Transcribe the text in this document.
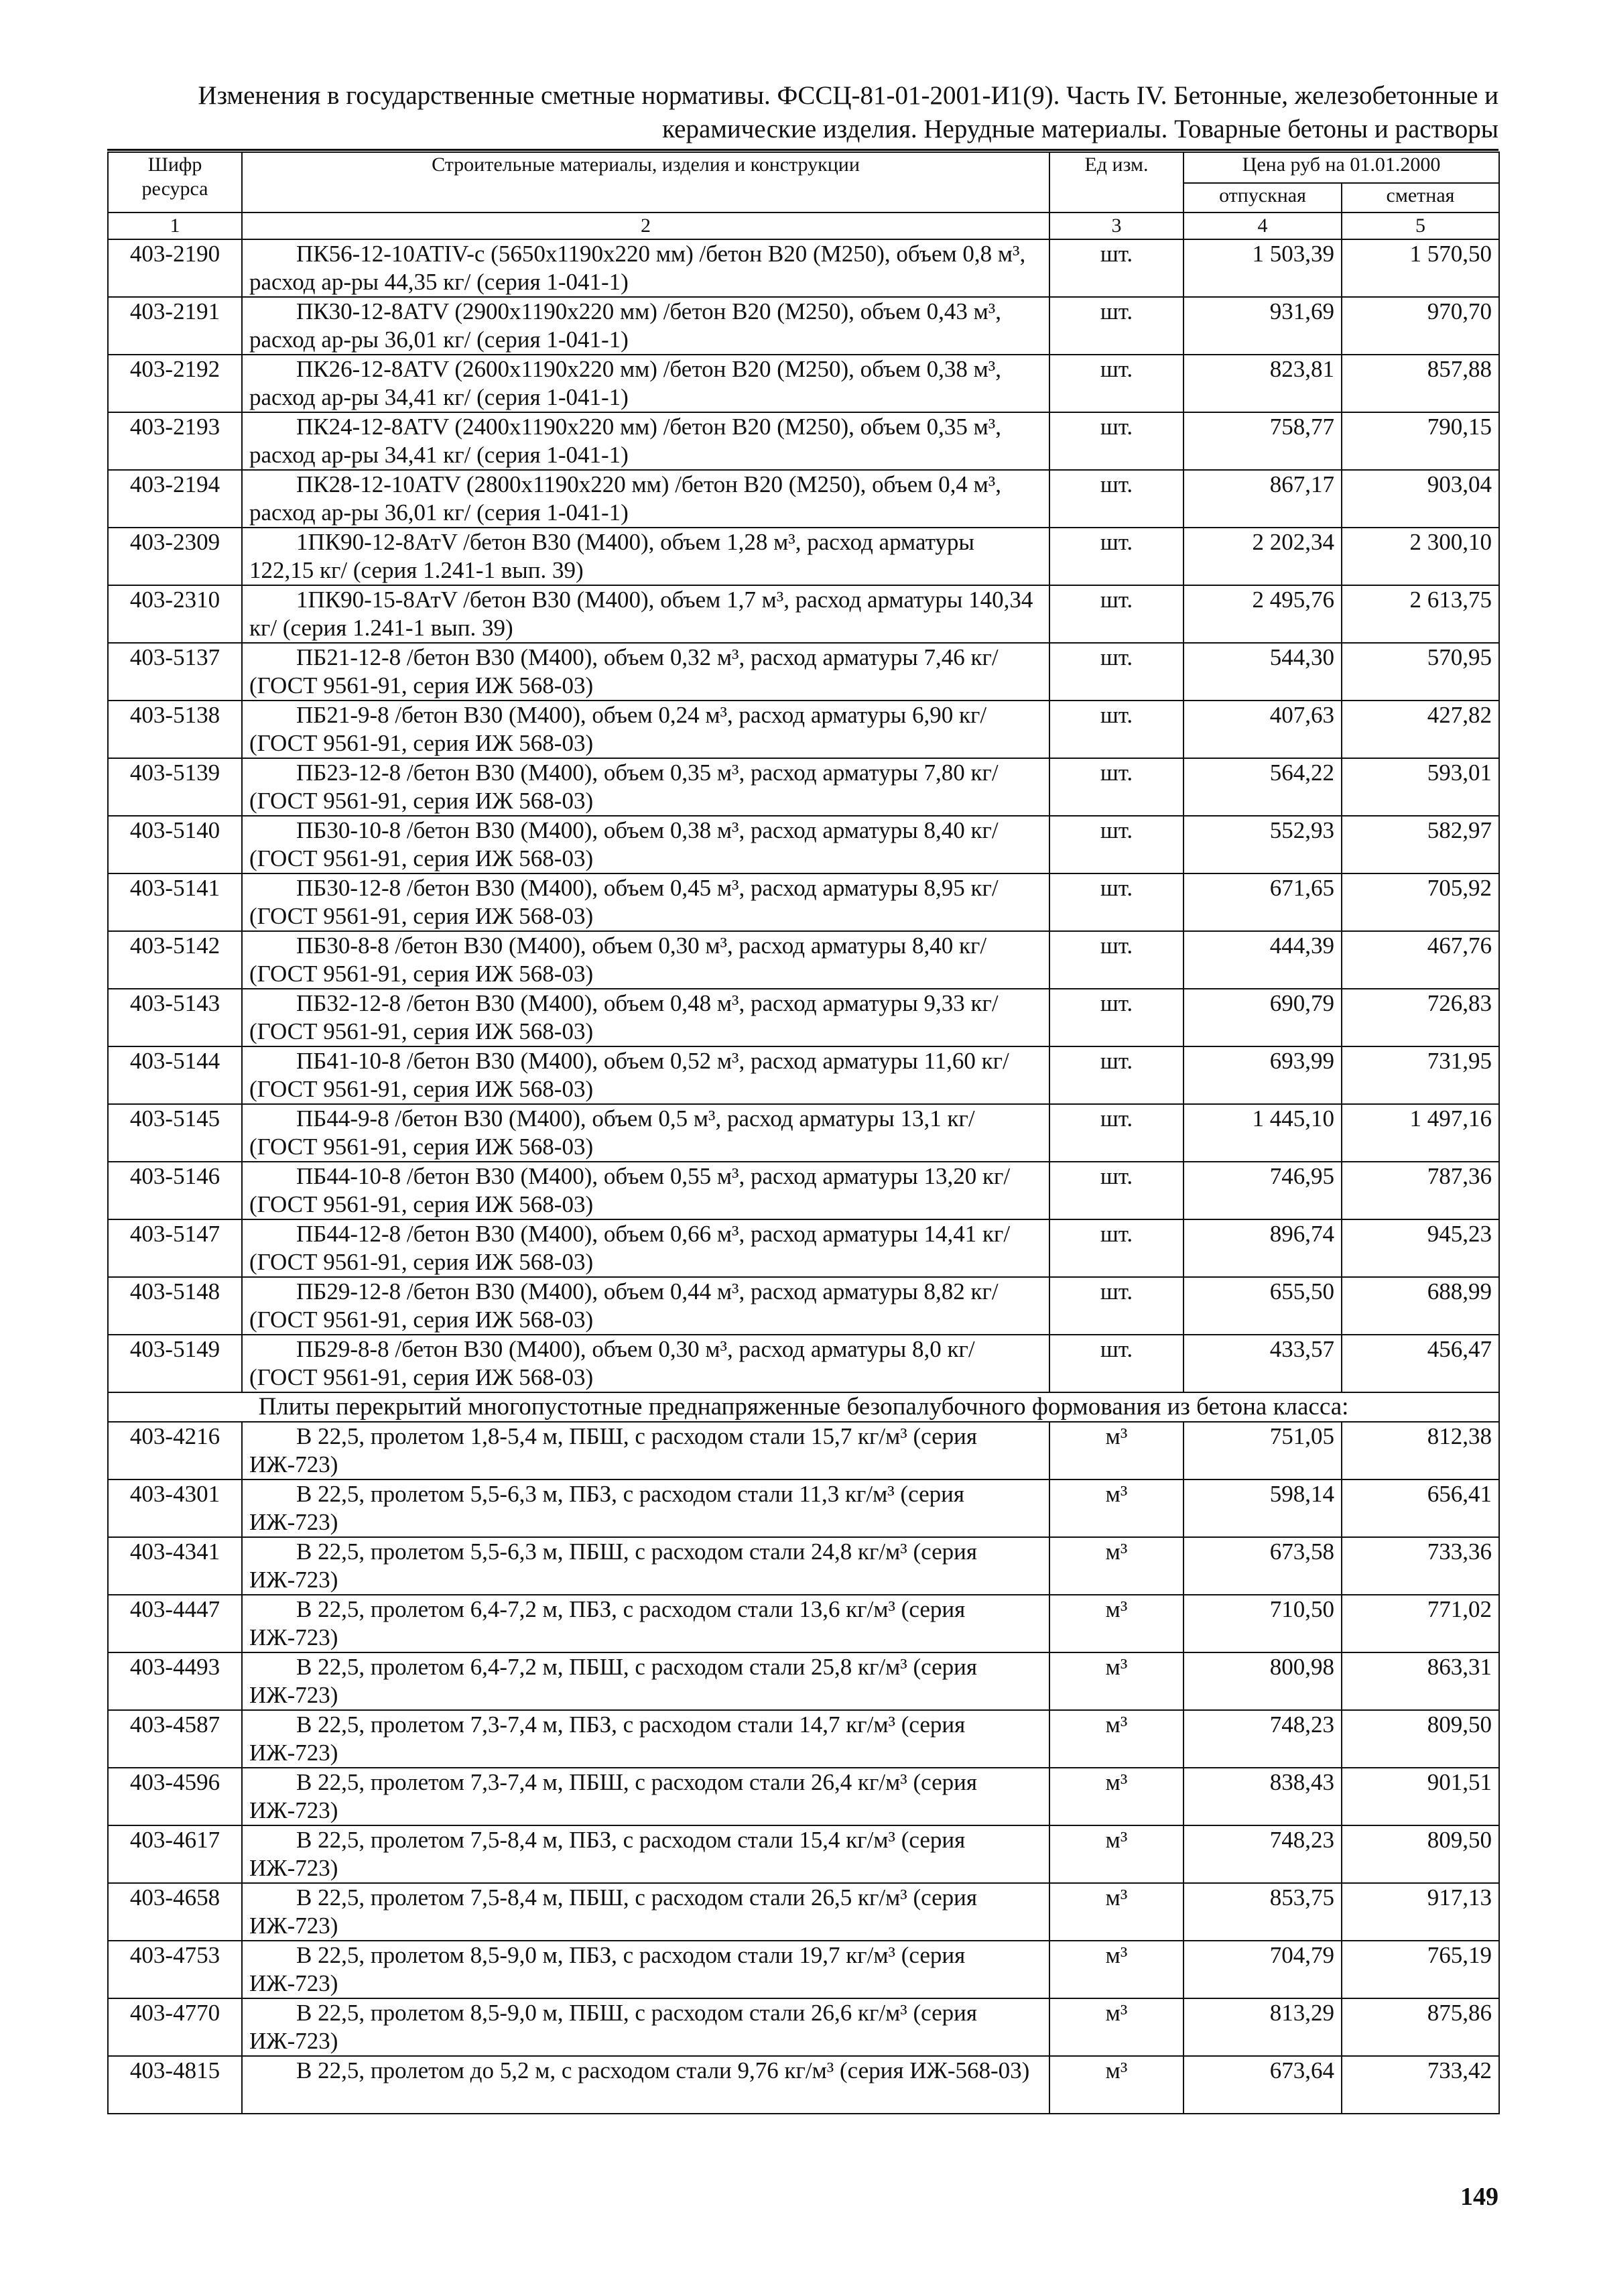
Изменения в государственные сметные нормативы. ФССЦ-81-01-2001-И1(9). Часть IV. Бетонные, железобетонные и
керамические изделия. Нерудные материалы. Товарные бетоны и растворы
Шифр ресурса	Строительные материалы, изделия и конструкции	Ед изм.	Цена руб на 01.01.2000	
			отпускная	сметная
1	2	3	4	5
403-2190	ПК56-12-10АТIV-с (5650x1190x220 мм) /бетон В20 (М250), объем 0,8 м³, расход ар-ры 44,35 кг/ (серия 1-041-1)	шт.	1 503,39	1 570,50
403-2191	ПК30-12-8АТV (2900x1190x220 мм) /бетон В20 (М250), объем 0,43 м³, расход ар-ры 36,01 кг/ (серия 1-041-1)	шт.	931,69	970,70
403-2192	ПК26-12-8АТV (2600x1190x220 мм) /бетон В20 (М250), объем 0,38 м³, расход ар-ры 34,41 кг/ (серия 1-041-1)	шт.	823,81	857,88
403-2193	ПК24-12-8АТV (2400x1190x220 мм) /бетон В20 (М250), объем 0,35 м³, расход ар-ры 34,41 кг/ (серия 1-041-1)	шт.	758,77	790,15
403-2194	ПК28-12-10АТV (2800x1190x220 мм) /бетон В20 (М250), объем 0,4 м³, расход ар-ры 36,01 кг/ (серия 1-041-1)	шт.	867,17	903,04
403-2309	1ПК90-12-8АтV /бетон В30 (М400), объем 1,28 м³, расход арматуры 122,15 кг/ (серия 1.241-1 вып. 39)	шт.	2 202,34	2 300,10
403-2310	1ПК90-15-8АтV /бетон В30 (М400), объем 1,7 м³, расход арматуры 140,34 кг/ (серия 1.241-1 вып. 39)	шт.	2 495,76	2 613,75
403-5137	ПБ21-12-8 /бетон В30 (М400), объем 0,32 м³, расход арматуры 7,46 кг/ (ГОСТ 9561-91, серия ИЖ 568-03)	шт.	544,30	570,95
403-5138	ПБ21-9-8 /бетон В30 (М400), объем 0,24 м³, расход арматуры 6,90 кг/ (ГОСТ 9561-91, серия ИЖ 568-03)	шт.	407,63	427,82
403-5139	ПБ23-12-8 /бетон В30 (М400), объем 0,35 м³, расход арматуры 7,80 кг/ (ГОСТ 9561-91, серия ИЖ 568-03)	шт.	564,22	593,01
403-5140	ПБ30-10-8 /бетон В30 (М400), объем 0,38 м³, расход арматуры 8,40 кг/ (ГОСТ 9561-91, серия ИЖ 568-03)	шт.	552,93	582,97
403-5141	ПБ30-12-8 /бетон В30 (М400), объем 0,45 м³, расход арматуры 8,95 кг/ (ГОСТ 9561-91, серия ИЖ 568-03)	шт.	671,65	705,92
403-5142	ПБ30-8-8 /бетон В30 (М400), объем 0,30 м³, расход арматуры 8,40 кг/ (ГОСТ 9561-91, серия ИЖ 568-03)	шт.	444,39	467,76
403-5143	ПБ32-12-8 /бетон В30 (М400), объем 0,48 м³, расход арматуры 9,33 кг/ (ГОСТ 9561-91, серия ИЖ 568-03)	шт.	690,79	726,83
403-5144	ПБ41-10-8 /бетон В30 (М400), объем 0,52 м³, расход арматуры 11,60 кг/ (ГОСТ 9561-91, серия ИЖ 568-03)	шт.	693,99	731,95
403-5145	ПБ44-9-8 /бетон В30 (М400), объем 0,5 м³, расход арматуры 13,1 кг/ (ГОСТ 9561-91, серия ИЖ 568-03)	шт.	1 445,10	1 497,16
403-5146	ПБ44-10-8 /бетон В30 (М400), объем 0,55 м³, расход арматуры 13,20 кг/ (ГОСТ 9561-91, серия ИЖ 568-03)	шт.	746,95	787,36
403-5147	ПБ44-12-8 /бетон В30 (М400), объем 0,66 м³, расход арматуры 14,41 кг/ (ГОСТ 9561-91, серия ИЖ 568-03)	шт.	896,74	945,23
403-5148	ПБ29-12-8 /бетон В30 (М400), объем 0,44 м³, расход арматуры 8,82 кг/ (ГОСТ 9561-91, серия ИЖ 568-03)	шт.	655,50	688,99
403-5149	ПБ29-8-8 /бетон В30 (М400), объем 0,30 м³, расход арматуры 8,0 кг/ (ГОСТ 9561-91, серия ИЖ 568-03)	шт.	433,57	456,47
Плиты перекрытий многопустотные преднапряженные безопалубочного формования из бетона класса:				
403-4216	В 22,5, пролетом 1,8-5,4 м, ПБШ, с расходом стали 15,7 кг/м³ (серия ИЖ-723)	м³	751,05	812,38
403-4301	В 22,5, пролетом 5,5-6,3 м, ПБЗ, с расходом стали 11,3 кг/м³ (серия ИЖ-723)	м³	598,14	656,41
403-4341	В 22,5, пролетом 5,5-6,3 м, ПБШ, с расходом стали 24,8 кг/м³ (серия ИЖ-723)	м³	673,58	733,36
403-4447	В 22,5, пролетом 6,4-7,2 м, ПБЗ, с расходом стали 13,6 кг/м³ (серия ИЖ-723)	м³	710,50	771,02
403-4493	В 22,5, пролетом 6,4-7,2 м, ПБШ, с расходом стали 25,8 кг/м³ (серия ИЖ-723)	м³	800,98	863,31
403-4587	В 22,5, пролетом 7,3-7,4 м, ПБЗ, с расходом стали 14,7 кг/м³ (серия ИЖ-723)	м³	748,23	809,50
403-4596	В 22,5, пролетом 7,3-7,4 м, ПБШ, с расходом стали 26,4 кг/м³ (серия ИЖ-723)	м³	838,43	901,51
403-4617	В 22,5, пролетом 7,5-8,4 м, ПБЗ, с расходом стали 15,4 кг/м³ (серия ИЖ-723)	м³	748,23	809,50
403-4658	В 22,5, пролетом 7,5-8,4 м, ПБШ, с расходом стали 26,5 кг/м³ (серия ИЖ-723)	м³	853,75	917,13
403-4753	В 22,5, пролетом 8,5-9,0 м, ПБЗ, с расходом стали 19,7 кг/м³ (серия ИЖ-723)	м³	704,79	765,19
403-4770	В 22,5, пролетом 8,5-9,0 м, ПБШ, с расходом стали 26,6 кг/м³ (серия ИЖ-723)	м³	813,29	875,86
403-4815	В 22,5, пролетом до 5,2 м, с расходом стали 9,76 кг/м³ (серия ИЖ-568-03)	м³	673,64	733,42
149
